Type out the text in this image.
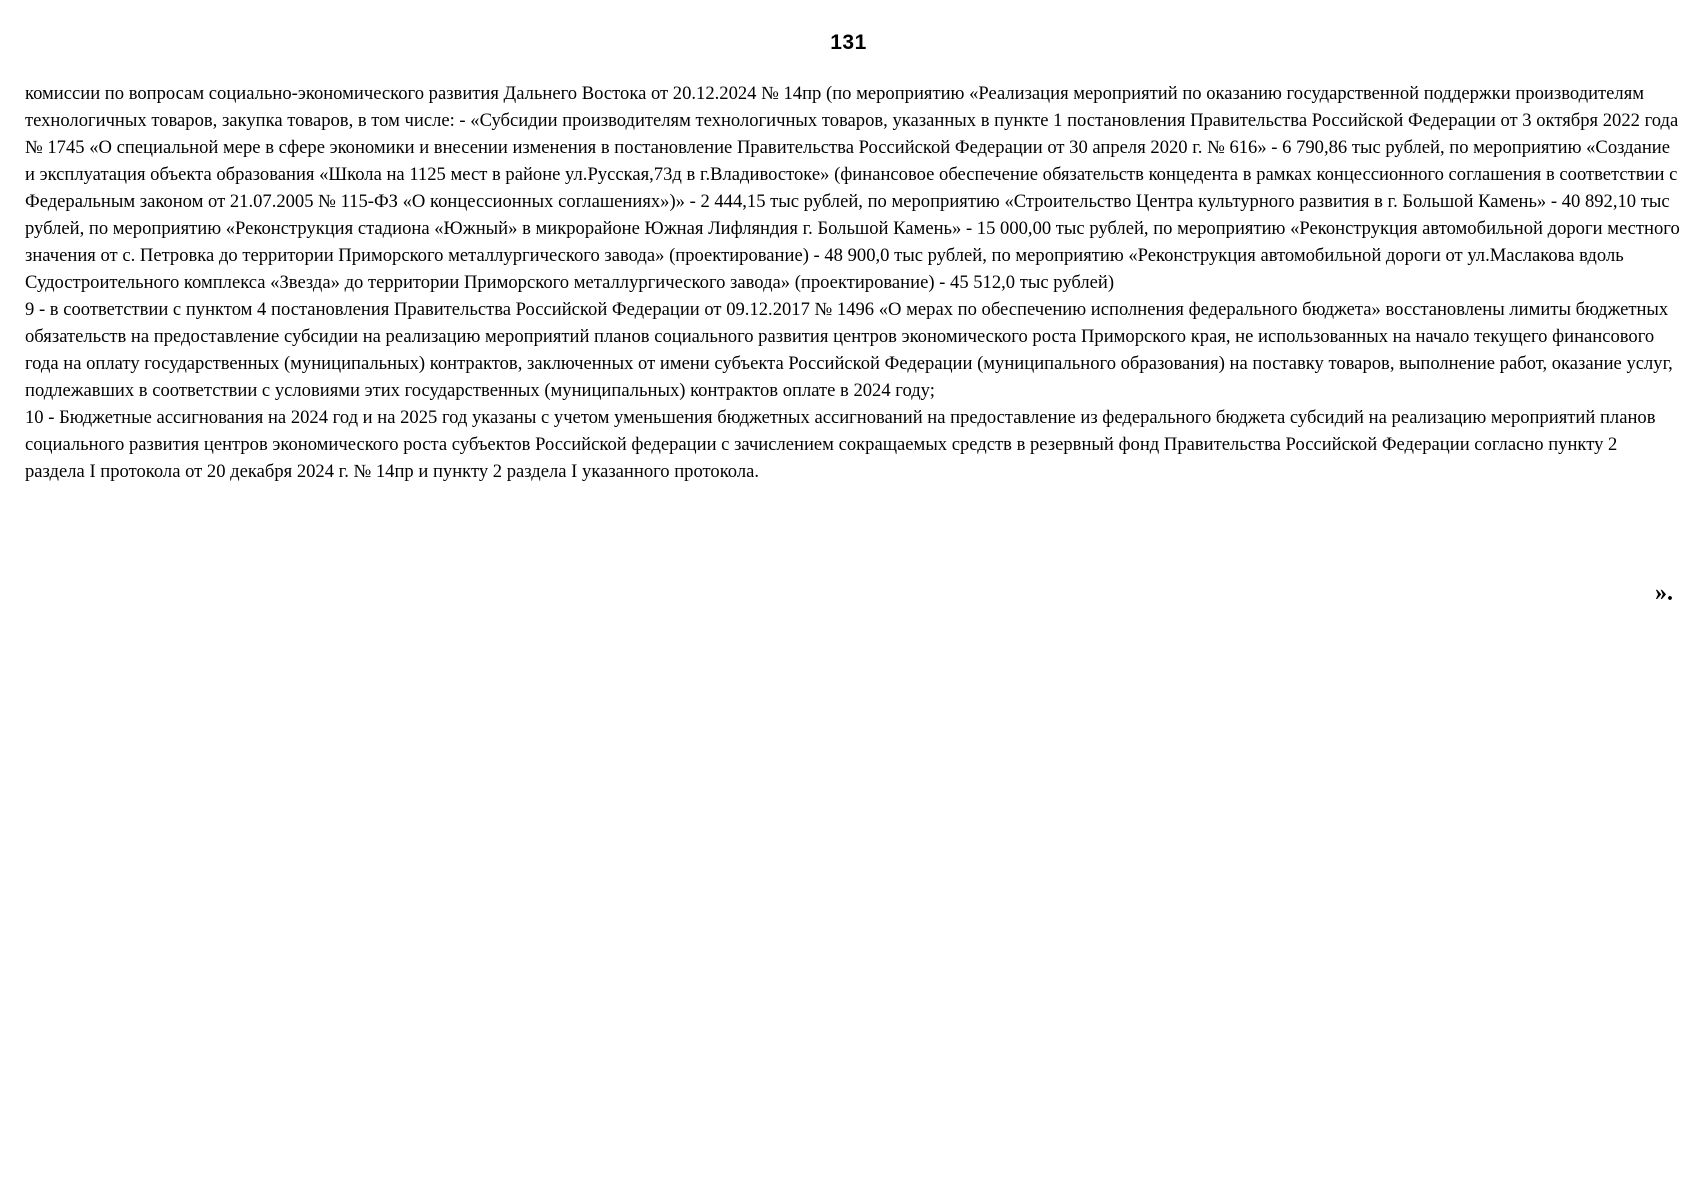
131

комиссии по вопросам социально-экономического развития Дальнего Востока от 20.12.2024 № 14пр (по мероприятию «Реализация мероприятий по оказанию государственной поддержки производителям технологичных товаров, закупка товаров, в том числе: - «Субсидии производителям технологичных товаров, указанных в пункте 1 постановления Правительства Российской Федерации от 3 октября 2022 года № 1745 «О специальной мере в сфере экономики и внесении изменения в постановление Правительства Российской Федерации от 30 апреля 2020 г. № 616» - 6 790,86 тыс рублей, по мероприятию «Создание и эксплуатация объекта образования «Школа на 1125 мест в районе ул.Русская,73д в г.Владивостоке» (финансовое обеспечение обязательств концедента в рамках концессионного соглашения в соответствии с Федеральным законом от 21.07.2005 № 115-ФЗ «О концессионных соглашениях»)» - 2 444,15 тыс рублей, по мероприятию «Строительство Центра культурного развития в г. Большой Камень» - 40 892,10 тыс рублей, по мероприятию «Реконструкция стадиона «Южный» в микрорайоне Южная Лифляндия г. Большой Камень» - 15 000,00 тыс рублей, по мероприятию «Реконструкция автомобильной дороги местного значения от с. Петровка до территории Приморского металлургического завода» (проектирование) - 48 900,0 тыс рублей, по мероприятию «Реконструкция автомобильной дороги от ул.Маслакова вдоль Судостроительного комплекса «Звезда» до территории Приморского металлургического завода» (проектирование) - 45 512,0 тыс рублей)

9 - в соответствии с пунктом 4 постановления Правительства Российской Федерации от 09.12.2017 № 1496 «О мерах по обеспечению исполнения федерального бюджета» восстановлены лимиты бюджетных обязательств на предоставление субсидии на реализацию мероприятий планов социального развития центров экономического роста Приморского края, не использованных на начало текущего финансового года на оплату государственных (муниципальных) контрактов, заключенных от имени субъекта Российской Федерации (муниципального образования) на поставку товаров, выполнение работ, оказание услуг, подлежавших в соответствии с условиями этих государственных (муниципальных) контрактов оплате в 2024 году;

10 - Бюджетные ассигнования на 2024 год и на 2025 год указаны с учетом уменьшения бюджетных ассигнований на предоставление из федерального бюджета субсидий на реализацию мероприятий планов социального развития центров экономического роста субъектов Российской федерации с зачислением сокращаемых средств в резервный фонд Правительства Российской Федерации согласно пункту 2 раздела I протокола от 20 декабря 2024 г. № 14пр и пункту 2 раздела I указанного протокола.

».
